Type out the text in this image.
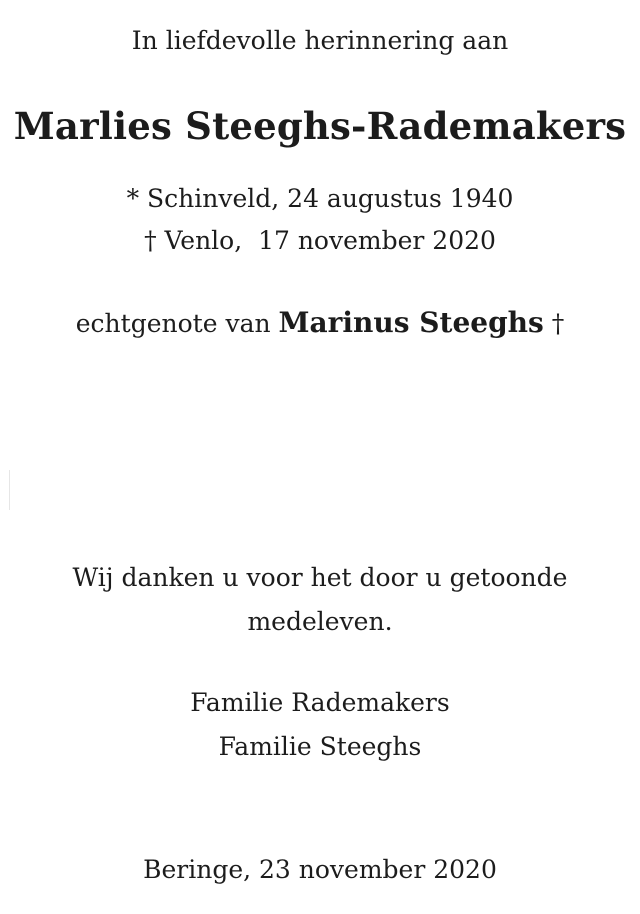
In liefdevolle herinnering aan
Marlies Steeghs-Rademakers
* Schinveld, 24 augustus 1940
† Venlo,  17 november 2020
echtgenote van Marinus Steeghs †
Wij danken u voor het door u getoonde
medeleven.
Familie Rademakers
Familie Steeghs
Beringe, 23 november 2020
